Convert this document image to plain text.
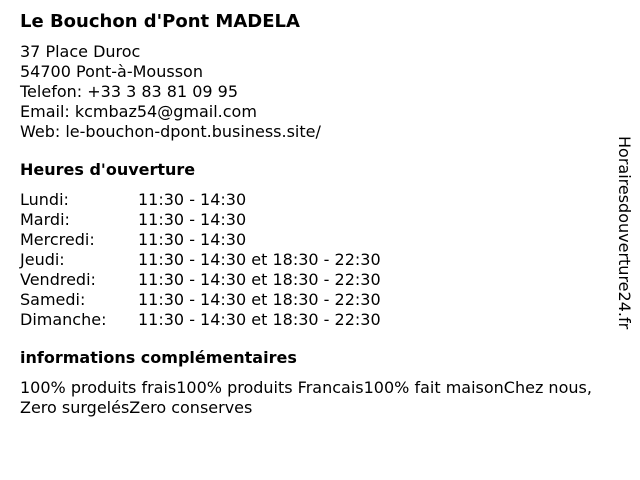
Le Bouchon d'Pont MADELA
37 Place Duroc
54700 Pont-à-Mousson
Telefon: +33 3 83 81 09 95
Email: kcmbaz54@gmail.com
Web: le-bouchon-dpont.business.site/
Heures d'ouverture
Lundi:	11:30 - 14:30
Mardi:	11:30 - 14:30
Mercredi:	11:30 - 14:30
Jeudi:	11:30 - 14:30 et 18:30 - 22:30
Vendredi:	11:30 - 14:30 et 18:30 - 22:30
Samedi:	11:30 - 14:30 et 18:30 - 22:30
Dimanche:	11:30 - 14:30 et 18:30 - 22:30
informations complémentaires
100% produits frais100% produits Francais100% fait maisonChez nous, Zero surgelésZero conserves
Horairesdouverture24.fr
